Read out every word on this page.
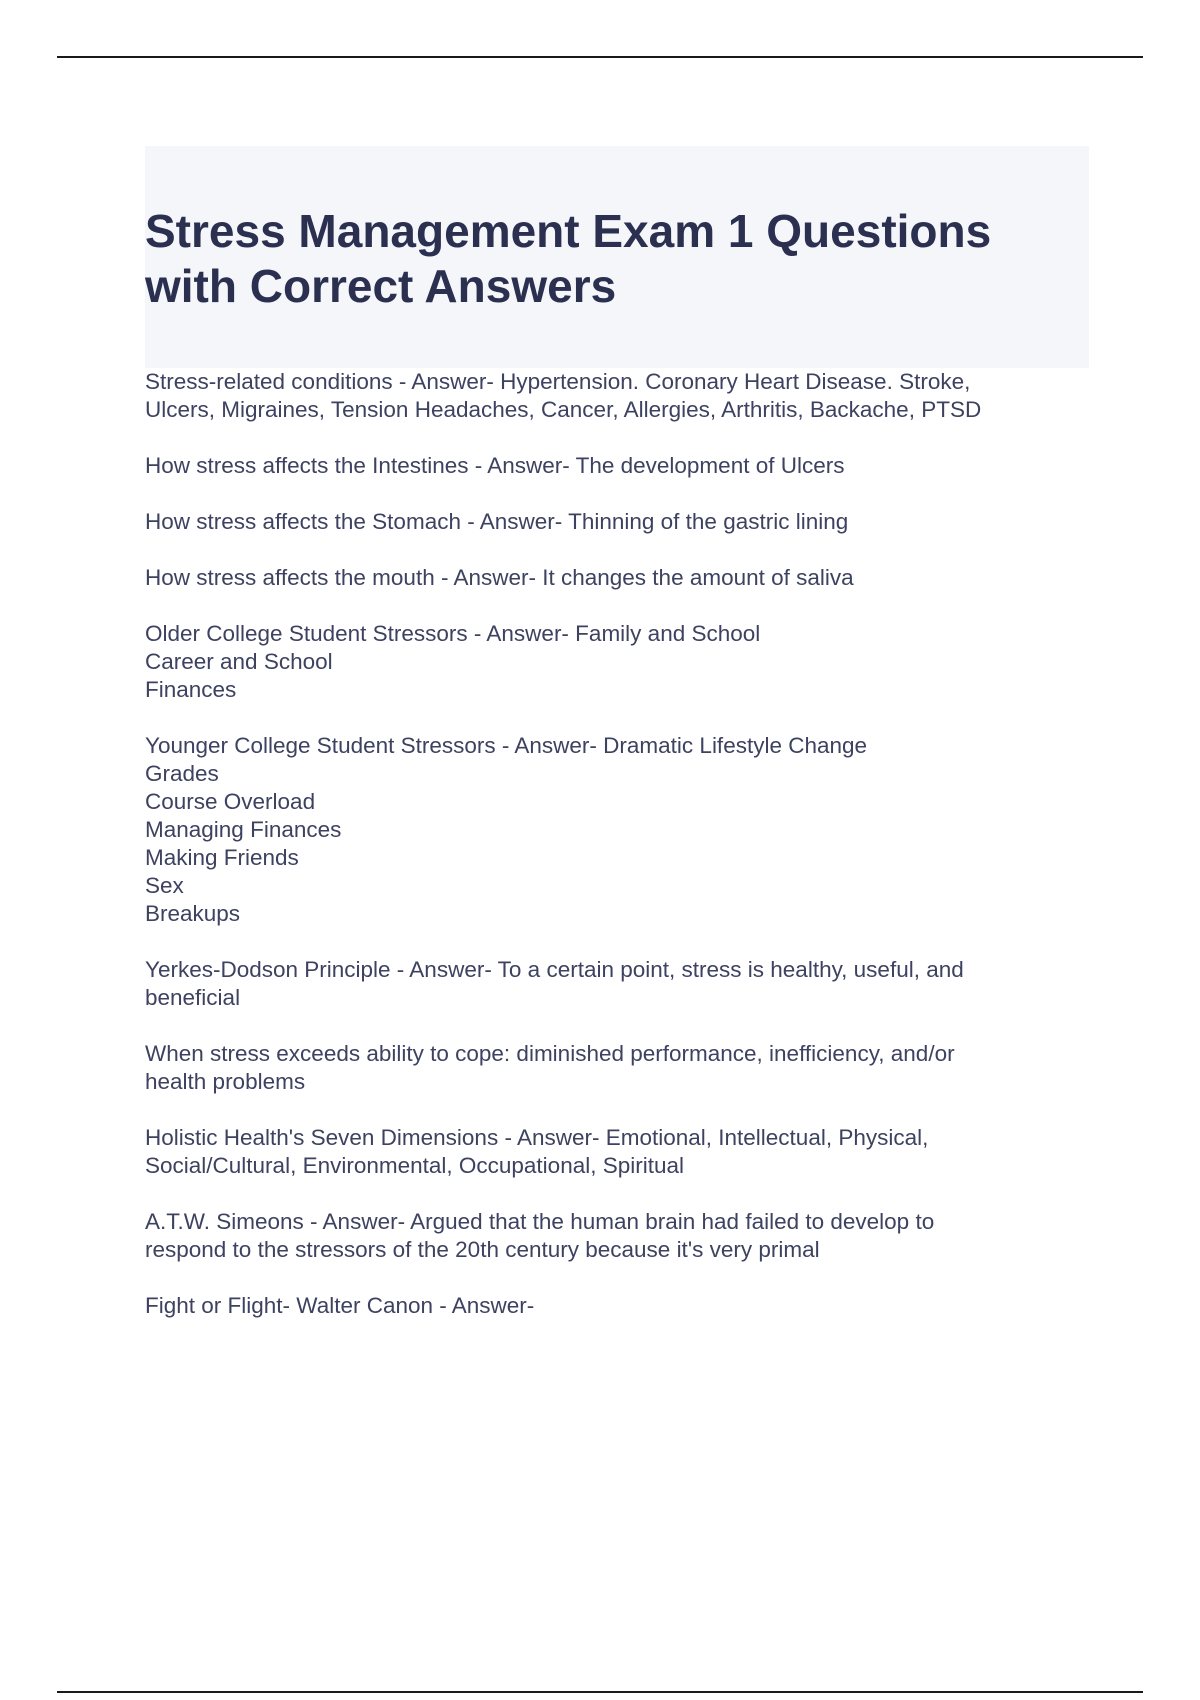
Stress Management Exam 1 Questions
with Correct Answers

Stress-related conditions - Answer- Hypertension. Coronary Heart Disease. Stroke,
Ulcers, Migraines, Tension Headaches, Cancer, Allergies, Arthritis, Backache, PTSD

How stress affects the Intestines - Answer- The development of Ulcers

How stress affects the Stomach - Answer- Thinning of the gastric lining

How stress affects the mouth - Answer- It changes the amount of saliva

Older College Student Stressors - Answer- Family and School
Career and School
Finances

Younger College Student Stressors - Answer- Dramatic Lifestyle Change
Grades
Course Overload
Managing Finances
Making Friends
Sex
Breakups

Yerkes-Dodson Principle - Answer- To a certain point, stress is healthy, useful, and
beneficial

When stress exceeds ability to cope: diminished performance, inefficiency, and/or
health problems

Holistic Health's Seven Dimensions - Answer- Emotional, Intellectual, Physical,
Social/Cultural, Environmental, Occupational, Spiritual

A.T.W. Simeons - Answer- Argued that the human brain had failed to develop to
respond to the stressors of the 20th century because it's very primal

Fight or Flight- Walter Canon - Answer-
